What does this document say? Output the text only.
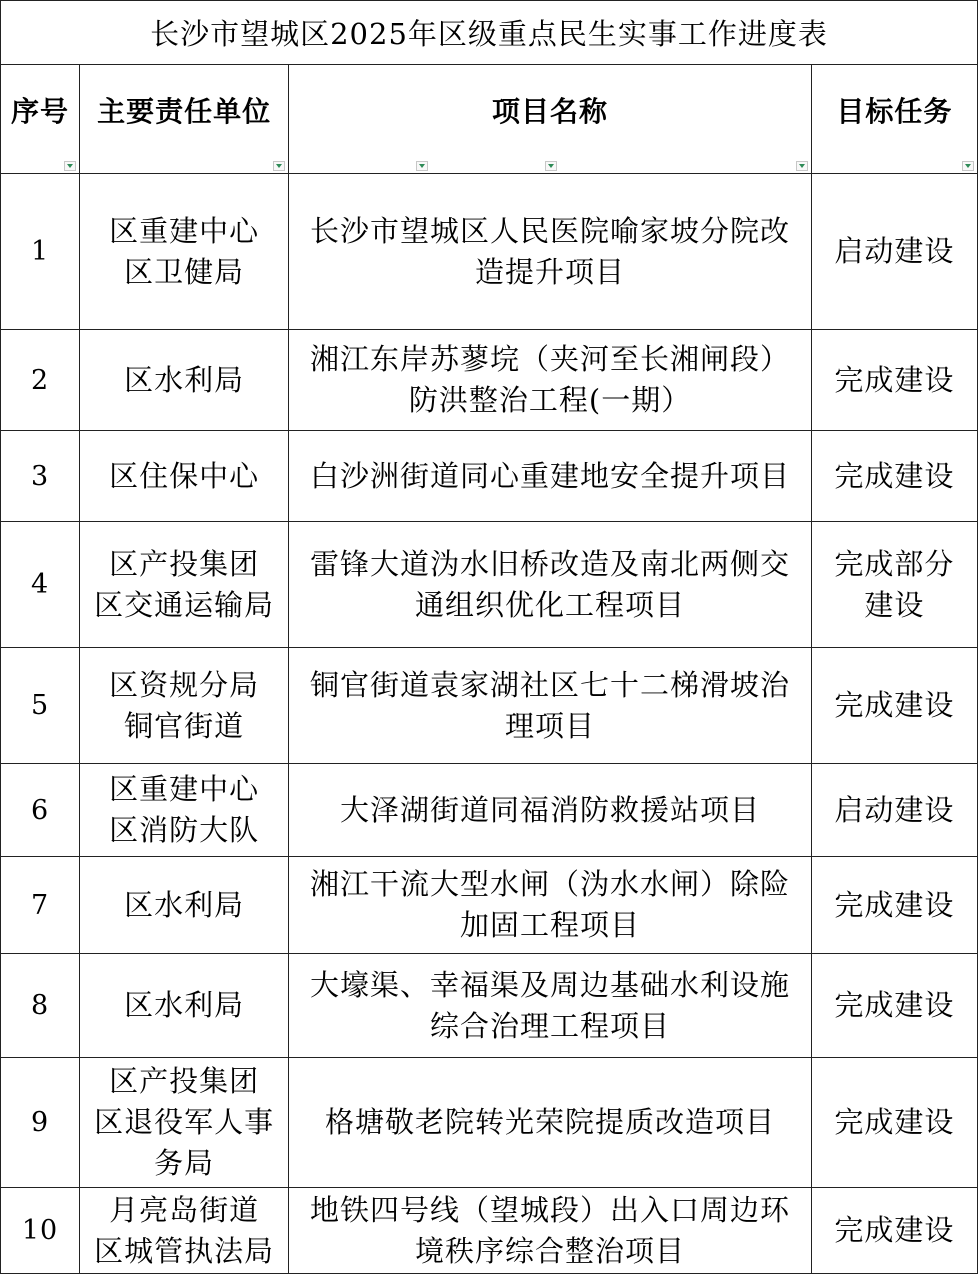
长沙市望城区2025年区级重点民生实事工作进度表
序号	主要责任单位	项目名称	目标任务

1	区重建中心
区卫健局	长沙市望城区人民医院喻家坡分院改
造提升项目	启动建设

2	区水利局	湘江东岸苏蓼垸（夹河至长湘闸段）
防洪整治工程(一期）	完成建设

3	区住保中心	白沙洲街道同心重建地安全提升项目	完成建设

4	区产投集团
区交通运输局	雷锋大道沩水旧桥改造及南北两侧交
通组织优化工程项目	完成部分
建设

5	区资规分局
铜官街道	铜官街道袁家湖社区七十二梯滑坡治
理项目	完成建设

6	区重建中心
区消防大队	大泽湖街道同福消防救援站项目	启动建设

7	区水利局	湘江干流大型水闸（沩水水闸）除险
加固工程项目	完成建设

8	区水利局	大壕渠、幸福渠及周边基础水利设施
综合治理工程项目	完成建设

9	区产投集团
区退役军人事
务局	格塘敬老院转光荣院提质改造项目	完成建设

10	月亮岛街道
区城管执法局	地铁四号线（望城段）出入口周边环
境秩序综合整治项目	完成建设
